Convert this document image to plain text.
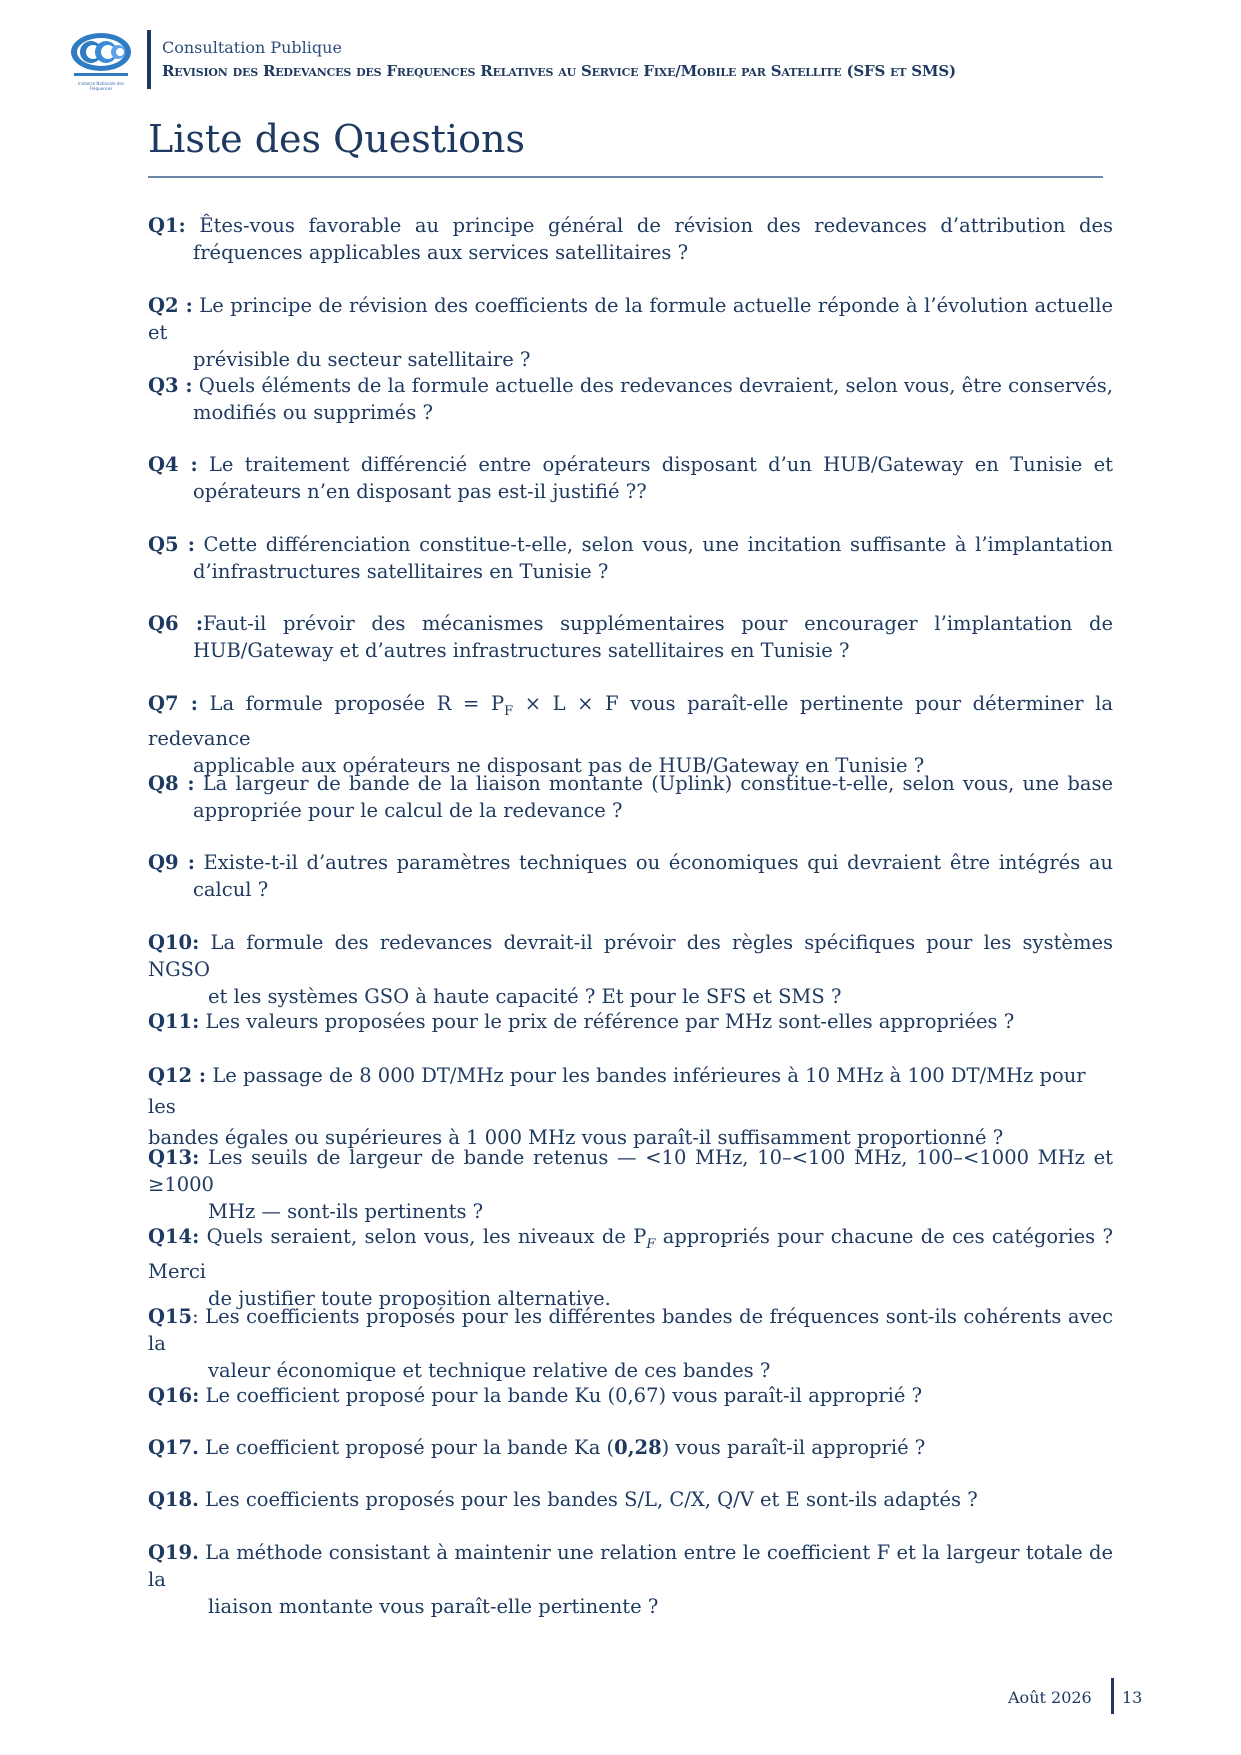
Instance Nationale des Fréquences
Consultation Publique
Revision des Redevances des Frequences Relatives au Service Fixe/Mobile par Satellite (SFS et SMS)
Liste des Questions
Q1: Êtes-vous favorable au principe général de révision des redevances d’attribution des
fréquences applicables aux services satellitaires ?
Q2 : Le principe de révision des coefficients de la formule actuelle réponde à l’évolution actuelle et
prévisible du secteur satellitaire ?
Q3 : Quels éléments de la formule actuelle des redevances devraient, selon vous, être conservés,
modifiés ou supprimés ?
Q4 : Le traitement différencié entre opérateurs disposant d’un HUB/Gateway en Tunisie et
opérateurs n’en disposant pas est-il justifié ??
Q5 : Cette différenciation constitue-t-elle, selon vous, une incitation suffisante à l’implantation
d’infrastructures satellitaires en Tunisie ?
Q6 :Faut-il prévoir des mécanismes supplémentaires pour encourager l’implantation de
HUB/Gateway et d’autres infrastructures satellitaires en Tunisie ?
Q7 : La formule proposée $R = P_F \times L \times F$ vous paraît-elle pertinente pour déterminer la redevance
applicable aux opérateurs ne disposant pas de HUB/Gateway en Tunisie ?
Q8 : La largeur de bande de la liaison montante (Uplink) constitue-t-elle, selon vous, une base
appropriée pour le calcul de la redevance ?
Q9 : Existe-t-il d’autres paramètres techniques ou économiques qui devraient être intégrés au
calcul ?
Q10: La formule des redevances devrait-il prévoir des règles spécifiques pour les systèmes NGSO
et les systèmes GSO à haute capacité ? Et pour le SFS et SMS ?
Q11: Les valeurs proposées pour le prix de référence par MHz sont-elles appropriées ?
Q12 : Le passage de 8 000 DT/MHz pour les bandes inférieures à 10 MHz à 100 DT/MHz pour les
bandes égales ou supérieures à 1 000 MHz vous paraît-il suffisamment proportionné ?
Q13: Les seuils de largeur de bande retenus — <10 MHz, 10–<100 MHz, 100–<1000 MHz et ≥1000
MHz — sont-ils pertinents ?
Q14: Quels seraient, selon vous, les niveaux de $P_F$ appropriés pour chacune de ces catégories ? Merci
de justifier toute proposition alternative.
Q15: Les coefficients proposés pour les différentes bandes de fréquences sont-ils cohérents avec la
valeur économique et technique relative de ces bandes ?
Q16: Le coefficient proposé pour la bande Ku (0,67) vous paraît-il approprié ?
Q17. Le coefficient proposé pour la bande Ka (0,28) vous paraît-il approprié ?
Q18. Les coefficients proposés pour les bandes S/L, C/X, Q/V et E sont-ils adaptés ?
Q19. La méthode consistant à maintenir une relation entre le coefficient F et la largeur totale de la
liaison montante vous paraît-elle pertinente ?
Août 2026 13
